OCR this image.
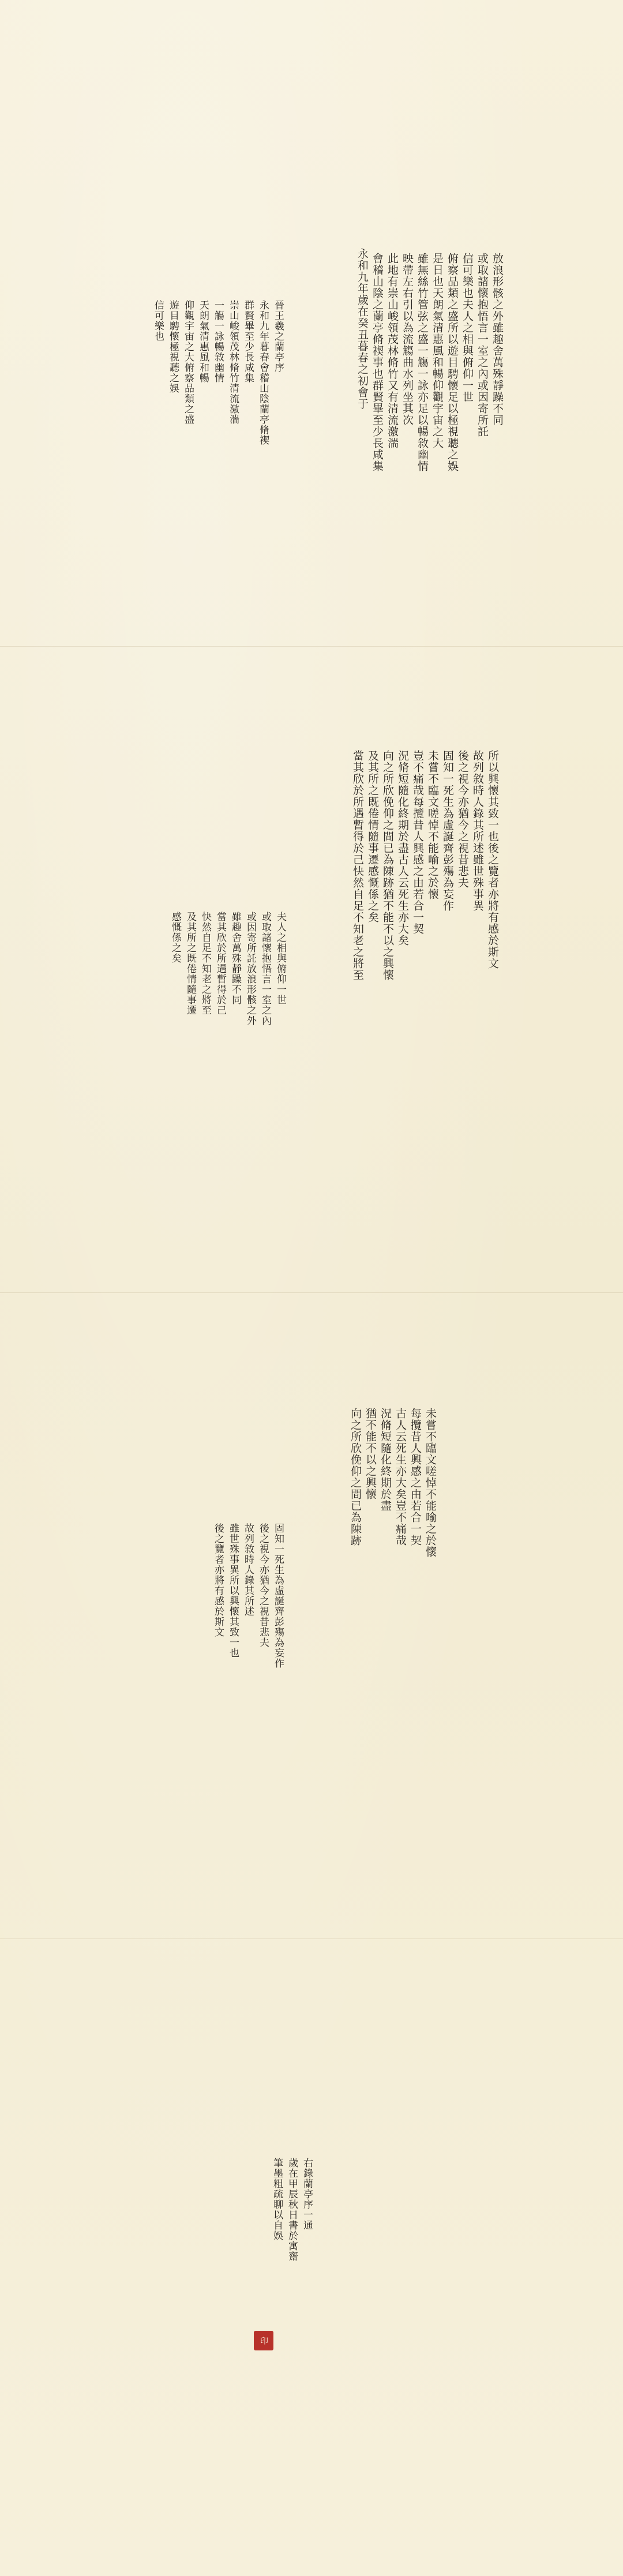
永和九年歲在癸丑暮春之初會于 會稽山陰之蘭亭脩禊事也群賢畢至少長咸集 此地有崇山峻領茂林脩竹又有清流激湍 映帶左右引以為流觴曲水列坐其次 雖無絲竹管弦之盛一觴一詠亦足以暢敘幽情 是日也天朗氣清惠風和暢仰觀宇宙之大 俯察品類之盛所以遊目騁懷足以極視聽之娛 信可樂也夫人之相與俯仰一世 或取諸懷抱悟言一室之內或因寄所託 放浪形骸之外雖趣舍萬殊靜躁不同
晉王羲之蘭亭序
永和九年暮春會稽山陰蘭亭脩禊
群賢畢至少長咸集
崇山峻領茂林脩竹清流激湍
一觴一詠暢敘幽情
天朗氣清惠風和暢
仰觀宇宙之大俯察品類之盛
遊目騁懷極視聽之娛
信可樂也
當其欣於所遇暫得於己快然自足不知老之將至 及其所之既倦情隨事遷感慨係之矣 向之所欣俛仰之間已為陳跡猶不能不以之興懷 況脩短隨化終期於盡古人云死生亦大矣 豈不痛哉每攬昔人興感之由若合一契 未嘗不臨文嗟悼不能喻之於懷 固知一死生為虛誕齊彭殤為妄作 後之視今亦猶今之視昔悲夫 故列敘時人錄其所述雖世殊事異 所以興懷其致一也後之覽者亦將有感於斯文
夫人之相與俯仰一世
或取諸懷抱悟言一室之內
或因寄所託放浪形骸之外
雖趣舍萬殊靜躁不同
當其欣於所遇暫得於己
快然自足不知老之將至
及其所之既倦情隨事遷
感慨係之矣
向之所欣俛仰之間已為陳跡 猶不能不以之興懷 況脩短隨化終期於盡 古人云死生亦大矣豈不痛哉 每攬昔人興感之由若合一契 未嘗不臨文嗟悼不能喻之於懷
固知一死生為虛誕齊彭殤為妄作
後之視今亦猶今之視昔悲夫
故列敘時人錄其所述
雖世殊事異所以興懷其致一也
後之覽者亦將有感於斯文
右錄蘭亭序一通
歲在甲辰秋日書於寓齋
筆墨粗疏聊以自娛
印
